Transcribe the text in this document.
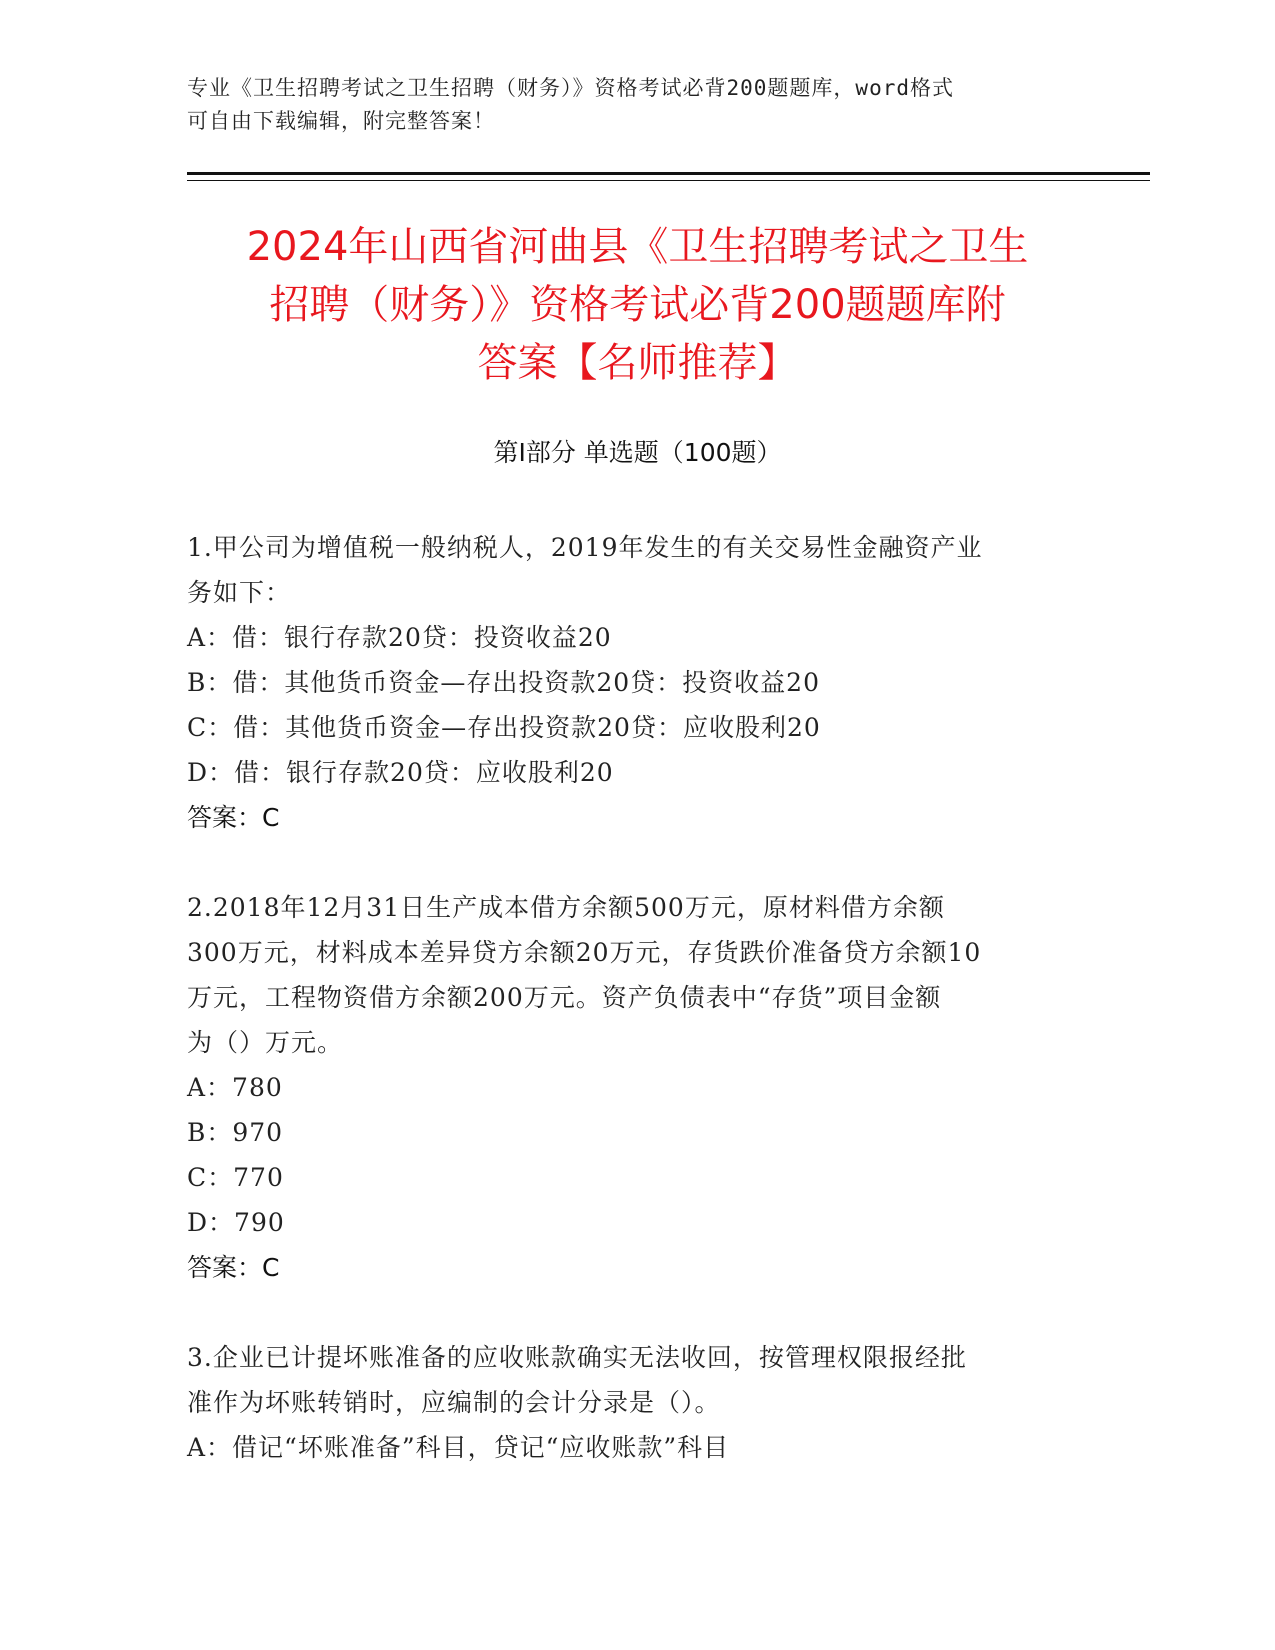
专业《卫生招聘考试之卫生招聘（财务）》资格考试必背200题题库，word格式
可自由下载编辑，附完整答案！
2024年山西省河曲县《卫生招聘考试之卫生
招聘（财务）》资格考试必背200题题库附
答案【名师推荐】
第Ⅰ部分 单选题（100题）
1.甲公司为增值税一般纳税人，2019年发生的有关交易性金融资产业
务如下：
A：借：银行存款20贷：投资收益20
B：借：其他货币资金—存出投资款20贷：投资收益20
C：借：其他货币资金—存出投资款20贷：应收股利20
D：借：银行存款20贷：应收股利20
答案：C
2.2018年12月31日生产成本借方余额500万元，原材料借方余额
300万元，材料成本差异贷方余额20万元，存货跌价准备贷方余额10
万元，工程物资借方余额200万元。资产负债表中“存货”项目金额
为（）万元。
A：780
B：970
C：770
D：790
答案：C
3.企业已计提坏账准备的应收账款确实无法收回，按管理权限报经批
准作为坏账转销时，应编制的会计分录是（）。
A：借记“坏账准备”科目，贷记“应收账款”科目
